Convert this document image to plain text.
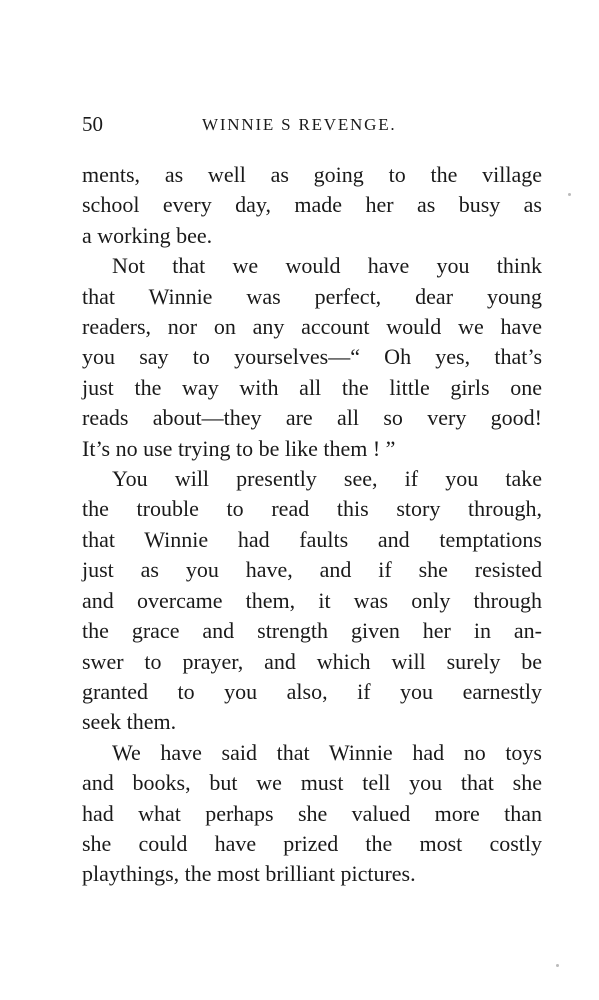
50	WINNIE S REVENGE.

ments, as well as going to the village
school every day, made her as busy as
a working bee.

Not that we would have you think
that Winnie was perfect, dear young
readers, nor on any account would we have
you say to yourselves—“ Oh yes, that’s
just the way with all the little girls one
reads about—they are all so very good!
It’s no use trying to be like them ! ”

You will presently see, if you take
the trouble to read this story through,
that Winnie had faults and temptations
just as you have, and if she resisted
and overcame them, it was only through
the grace and strength given her in an-
swer to prayer, and which will surely be
granted to you also, if you earnestly
seek them.

We have said that Winnie had no toys
and books, but we must tell you that she
had what perhaps she valued more than
she could have prized the most costly
playthings, the most brilliant pictures.
